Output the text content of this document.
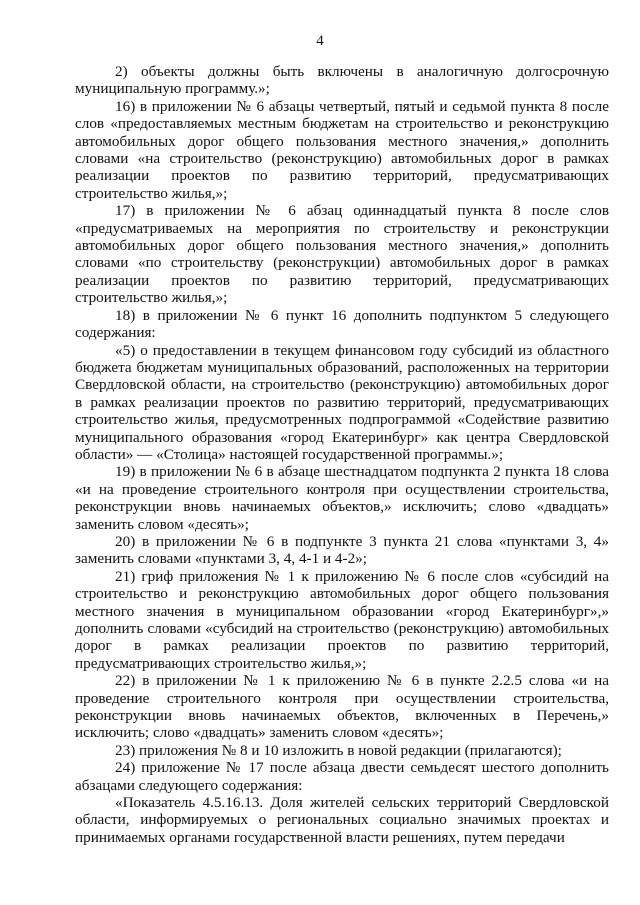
4

2) объекты должны быть включены в аналогичную долгосрочную муниципальную программу.»;

16) в приложении № 6 абзацы четвертый, пятый и седьмой пункта 8 после слов «предоставляемых местным бюджетам на строительство и реконструкцию автомобильных дорог общего пользования местного значения,» дополнить словами «на строительство (реконструкцию) автомобильных дорог в рамках реализации проектов по развитию территорий, предусматривающих строительство жилья,»;

17) в приложении № 6 абзац одиннадцатый пункта 8 после слов «предусматриваемых на мероприятия по строительству и реконструкции автомобильных дорог общего пользования местного значения,» дополнить словами «по строительству (реконструкции) автомобильных дорог в рамках реализации проектов по развитию территорий, предусматривающих строительство жилья,»;

18) в приложении № 6 пункт 16 дополнить подпунктом 5 следующего содержания:

«5) о предоставлении в текущем финансовом году субсидий из областного бюджета бюджетам муниципальных образований, расположенных на территории Свердловской области, на строительство (реконструкцию) автомобильных дорог в рамках реализации проектов по развитию территорий, предусматривающих строительство жилья, предусмотренных подпрограммой «Содействие развитию муниципального образования «город Екатеринбург» как центра Свердловской области» — «Столица» настоящей государственной программы.»;

19) в приложении № 6 в абзаце шестнадцатом подпункта 2 пункта 18 слова «и на проведение строительного контроля при осуществлении строительства, реконструкции вновь начинаемых объектов,» исключить; слово «двадцать» заменить словом «десять»;

20) в приложении № 6 в подпункте 3 пункта 21 слова «пунктами 3, 4» заменить словами «пунктами 3, 4, 4-1 и 4-2»;

21) гриф приложения № 1 к приложению № 6 после слов «субсидий на строительство и реконструкцию автомобильных дорог общего пользования местного значения в муниципальном образовании «город Екатеринбург»,» дополнить словами «субсидий на строительство (реконструкцию) автомобильных дорог в рамках реализации проектов по развитию территорий, предусматривающих строительство жилья,»;

22) в приложении № 1 к приложению № 6 в пункте 2.2.5 слова «и на проведение строительного контроля при осуществлении строительства, реконструкции вновь начинаемых объектов, включенных в Перечень,» исключить; слово «двадцать» заменить словом «десять»;

23) приложения № 8 и 10 изложить в новой редакции (прилагаются);

24) приложение № 17 после абзаца двести семьдесят шестого дополнить абзацами следующего содержания:

«Показатель 4.5.16.13. Доля жителей сельских территорий Свердловской области, информируемых о региональных социально значимых проектах и принимаемых органами государственной власти решениях, путем передачи
